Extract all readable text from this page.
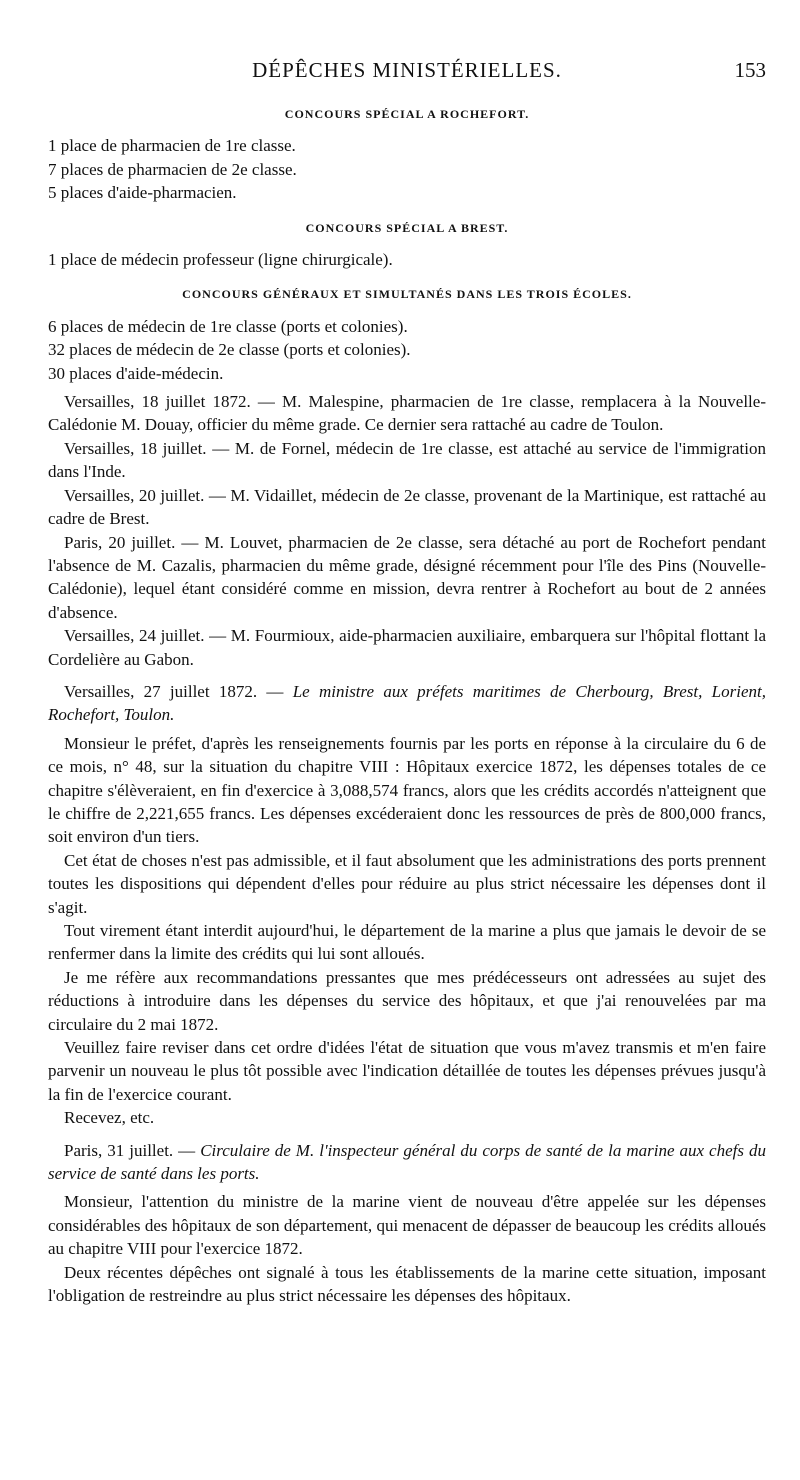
DÉPÊCHES MINISTÉRIELLES.	153
CONCOURS SPÉCIAL A ROCHEFORT.

1 place de pharmacien de 1re classe.

7 places de pharmacien de 2e classe.

5 places d'aide-pharmacien.

CONCOURS SPÉCIAL A BREST.

1 place de médecin professeur (ligne chirurgicale).

CONCOURS GÉNÉRAUX ET SIMULTANÉS DANS LES TROIS ÉCOLES.

6 places de médecin de 1re classe (ports et colonies).

32 places de médecin de 2e classe (ports et colonies).

30 places d'aide-médecin.

Versailles, 18 juillet 1872. — M. Malespine, pharmacien de 1re classe, remplacera à la Nouvelle-Calédonie M. Douay, officier du même grade. Ce dernier sera rattaché au cadre de Toulon.

Versailles, 18 juillet. — M. de Fornel, médecin de 1re classe, est attaché au service de l'immigration dans l'Inde.

Versailles, 20 juillet. — M. Vidaillet, médecin de 2e classe, provenant de la Martinique, est rattaché au cadre de Brest.

Paris, 20 juillet. — M. Louvet, pharmacien de 2e classe, sera détaché au port de Rochefort pendant l'absence de M. Cazalis, pharmacien du même grade, désigné récemment pour l'île des Pins (Nouvelle-Calédonie), lequel étant considéré comme en mission, devra rentrer à Rochefort au bout de 2 années d'absence.

Versailles, 24 juillet. — M. Fourmioux, aide-pharmacien auxiliaire, embarquera sur l'hôpital flottant la Cordelière au Gabon.

Versailles, 27 juillet 1872. — Le ministre aux préfets maritimes de Cherbourg, Brest, Lorient, Rochefort, Toulon.

Monsieur le préfet, d'après les renseignements fournis par les ports en réponse à la circulaire du 6 de ce mois, n° 48, sur la situation du chapitre VIII : Hôpitaux exercice 1872, les dépenses totales de ce chapitre s'élèveraient, en fin d'exercice à 3,088,574 francs, alors que les crédits accordés n'atteignent que le chiffre de 2,221,655 francs. Les dépenses excéderaient donc les ressources de près de 800,000 francs, soit environ d'un tiers.

Cet état de choses n'est pas admissible, et il faut absolument que les administrations des ports prennent toutes les dispositions qui dépendent d'elles pour réduire au plus strict nécessaire les dépenses dont il s'agit.

Tout virement étant interdit aujourd'hui, le département de la marine a plus que jamais le devoir de se renfermer dans la limite des crédits qui lui sont alloués.

Je me réfère aux recommandations pressantes que mes prédécesseurs ont adressées au sujet des réductions à introduire dans les dépenses du service des hôpitaux, et que j'ai renouvelées par ma circulaire du 2 mai 1872.

Veuillez faire reviser dans cet ordre d'idées l'état de situation que vous m'avez transmis et m'en faire parvenir un nouveau le plus tôt possible avec l'indication détaillée de toutes les dépenses prévues jusqu'à la fin de l'exercice courant.

Recevez, etc.

Paris, 31 juillet. — Circulaire de M. l'inspecteur général du corps de santé de la marine aux chefs du service de santé dans les ports.

Monsieur, l'attention du ministre de la marine vient de nouveau d'être appelée sur les dépenses considérables des hôpitaux de son département, qui menacent de dépasser de beaucoup les crédits alloués au chapitre VIII pour l'exercice 1872.

Deux récentes dépêches ont signalé à tous les établissements de la marine cette situation, imposant l'obligation de restreindre au plus strict nécessaire les dépenses des hôpitaux.
